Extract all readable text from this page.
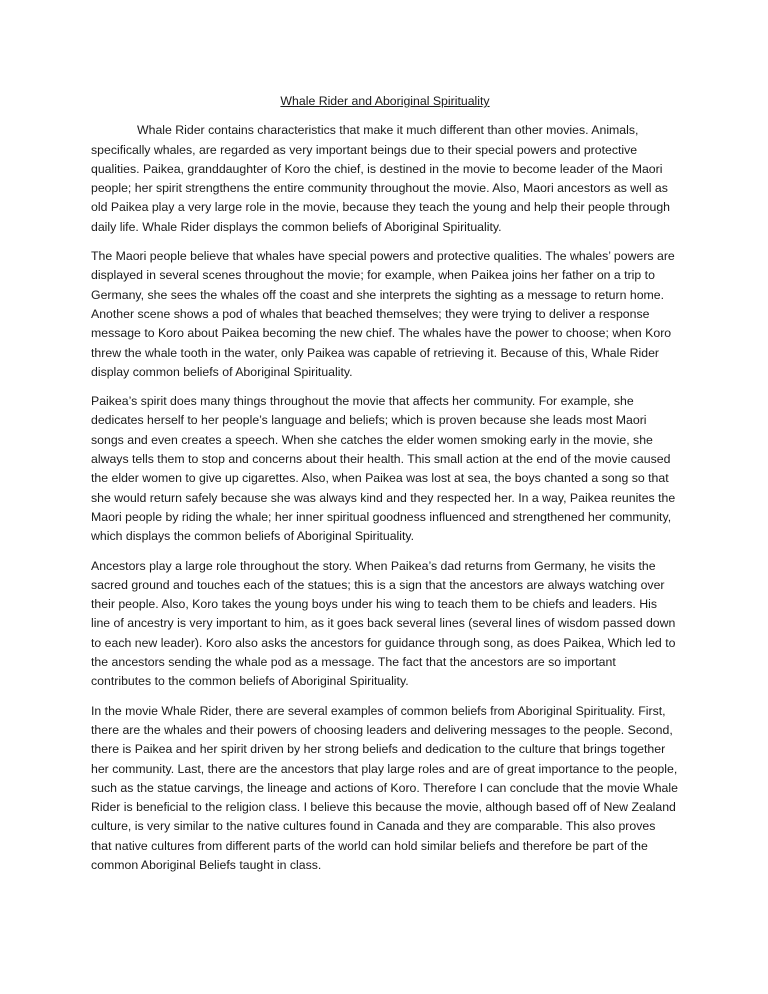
Whale Rider and Aboriginal Spirituality

Whale Rider contains characteristics that make it much different than other movies. Animals, specifically whales, are regarded as very important beings due to their special powers and protective qualities. Paikea, granddaughter of Koro the chief, is destined in the movie to become leader of the Maori people; her spirit strengthens the entire community throughout the movie. Also, Maori ancestors as well as old Paikea play a very large role in the movie, because they teach the young and help their people through daily life. Whale Rider displays the common beliefs of Aboriginal Spirituality.

The Maori people believe that whales have special powers and protective qualities. The whales’ powers are displayed in several scenes throughout the movie; for example, when Paikea joins her father on a trip to Germany, she sees the whales off the coast and she interprets the sighting as a message to return home. Another scene shows a pod of whales that beached themselves; they were trying to deliver a response message to Koro about Paikea becoming the new chief. The whales have the power to choose; when Koro threw the whale tooth in the water, only Paikea was capable of retrieving it. Because of this, Whale Rider display common beliefs of Aboriginal Spirituality.

Paikea’s spirit does many things throughout the movie that affects her community. For example, she dedicates herself to her people’s language and beliefs; which is proven because she leads most Maori songs and even creates a speech. When she catches the elder women smoking early in the movie, she always tells them to stop and concerns about their health. This small action at the end of the movie caused the elder women to give up cigarettes. Also, when Paikea was lost at sea, the boys chanted a song so that she would return safely because she was always kind and they respected her. In a way, Paikea reunites the Maori people by riding the whale; her inner spiritual goodness influenced and strengthened her community, which displays the common beliefs of Aboriginal Spirituality.

Ancestors play a large role throughout the story. When Paikea’s dad returns from Germany, he visits the sacred ground and touches each of the statues; this is a sign that the ancestors are always watching over their people. Also, Koro takes the young boys under his wing to teach them to be chiefs and leaders. His line of ancestry is very important to him, as it goes back several lines (several lines of wisdom passed down to each new leader). Koro also asks the ancestors for guidance through song, as does Paikea, Which led to the ancestors sending the whale pod as a message. The fact that the ancestors are so important contributes to the common beliefs of Aboriginal Spirituality.

In the movie Whale Rider, there are several examples of common beliefs from Aboriginal Spirituality. First, there are the whales and their powers of choosing leaders and delivering messages to the people. Second, there is Paikea and her spirit driven by her strong beliefs and dedication to the culture that brings together her community. Last, there are the ancestors that play large roles and are of great importance to the people, such as the statue carvings, the lineage and actions of Koro. Therefore I can conclude that the movie Whale Rider is beneficial to the religion class. I believe this because the movie, although based off of New Zealand culture, is very similar to the native cultures found in Canada and they are comparable. This also proves that native cultures from different parts of the world can hold similar beliefs and therefore be part of the common Aboriginal Beliefs taught in class.
